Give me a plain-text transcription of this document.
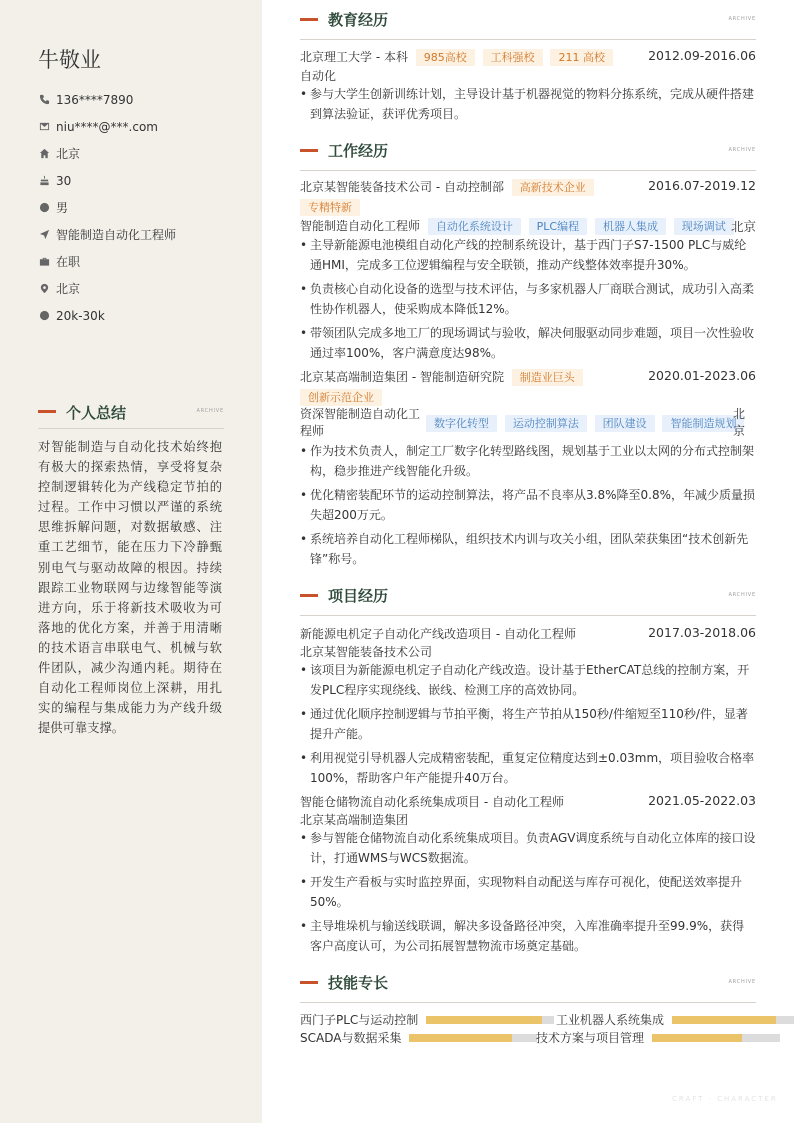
牛敬业
136****7890
niu****@***.com
北京
30
男
智能制造自动化工程师
在职
北京
20k-30k
个人总结	ARCHIVE

对智能制造与自动化技术始终抱有极大的探索热情，享受将复杂控制逻辑转化为产线稳定节拍的过程。工作中习惯以严谨的系统思维拆解问题，对数据敏感、注重工艺细节，能在压力下冷静甄别电气与驱动故障的根因。持续跟踪工业物联网与边缘智能等演进方向，乐于将新技术吸收为可落地的优化方案，并善于用清晰的技术语言串联电气、机械与软件团队，减少沟通内耗。期待在自动化工程师岗位上深耕，用扎实的编程与集成能力为产线升级提供可靠支撑。

教育经历	ARCHIVE
北京理工大学 - 本科 985高校 工科强校 211 高校	2012.09-2016.06
自动化
• 参与大学生创新训练计划，主导设计基于机器视觉的物料分拣系统，完成从硬件搭建到算法验证，获评优秀项目。
工作经历	ARCHIVE
北京某智能装备技术公司 - 自动控制部 高新技术企业	2016.07-2019.12
专精特新
智能制造自动化工程师 自动化系统设计 PLC编程 机器人集成 现场调试 北京
• 主导新能源电池模组自动化产线的控制系统设计，基于西门子S7-1500 PLC与威纶通HMI，完成多工位逻辑编程与安全联锁，推动产线整体效率提升30%。
• 负责核心自动化设备的选型与技术评估，与多家机器人厂商联合测试，成功引入高柔性协作机器人，使采购成本降低12%。
• 带领团队完成多地工厂的现场调试与验收，解决伺服驱动同步难题，项目一次性验收通过率100%，客户满意度达98%。
北京某高端制造集团 - 智能制造研究院 制造业巨头	2020.01-2023.06
创新示范企业
资深智能制造自动化工
程师
数字化转型 运动控制算法 团队建设 智能制造规划
北
京
• 作为技术负责人，制定工厂数字化转型路线图，规划基于工业以太网的分布式控制架构，稳步推进产线智能化升级。
• 优化精密装配环节的运动控制算法，将产品不良率从3.8%降至0.8%，年减少质量损失超200万元。
• 系统培养自动化工程师梯队，组织技术内训与攻关小组，团队荣获集团“技术创新先锋”称号。
项目经历	ARCHIVE
新能源电机定子自动化产线改造项目 - 自动化工程师	2017.03-2018.06
北京某智能装备技术公司
• 该项目为新能源电机定子自动化产线改造。设计基于EtherCAT总线的控制方案，开发PLC程序实现绕线、嵌线、检测工序的高效协同。
• 通过优化顺序控制逻辑与节拍平衡，将生产节拍从150秒/件缩短至110秒/件，显著提升产能。
• 利用视觉引导机器人完成精密装配，重复定位精度达到±0.03mm，项目验收合格率100%，帮助客户年产能提升40万台。
智能仓储物流自动化系统集成项目 - 自动化工程师	2021.05-2022.03
北京某高端制造集团
• 参与智能仓储物流自动化系统集成项目。负责AGV调度系统与自动化立体库的接口设计，打通WMS与WCS数据流。
• 开发生产看板与实时监控界面，实现物料自动配送与库存可视化，使配送效率提升50%。
• 主导堆垛机与输送线联调，解决多设备路径冲突，入库准确率提升至99.9%，获得客户高度认可，为公司拓展智慧物流市场奠定基础。
技能专长	ARCHIVE
西门子PLC与运动控制	工业机器人系统集成
SCADA与数据采集	技术方案与项目管理
CRAFT · CHARACTER
